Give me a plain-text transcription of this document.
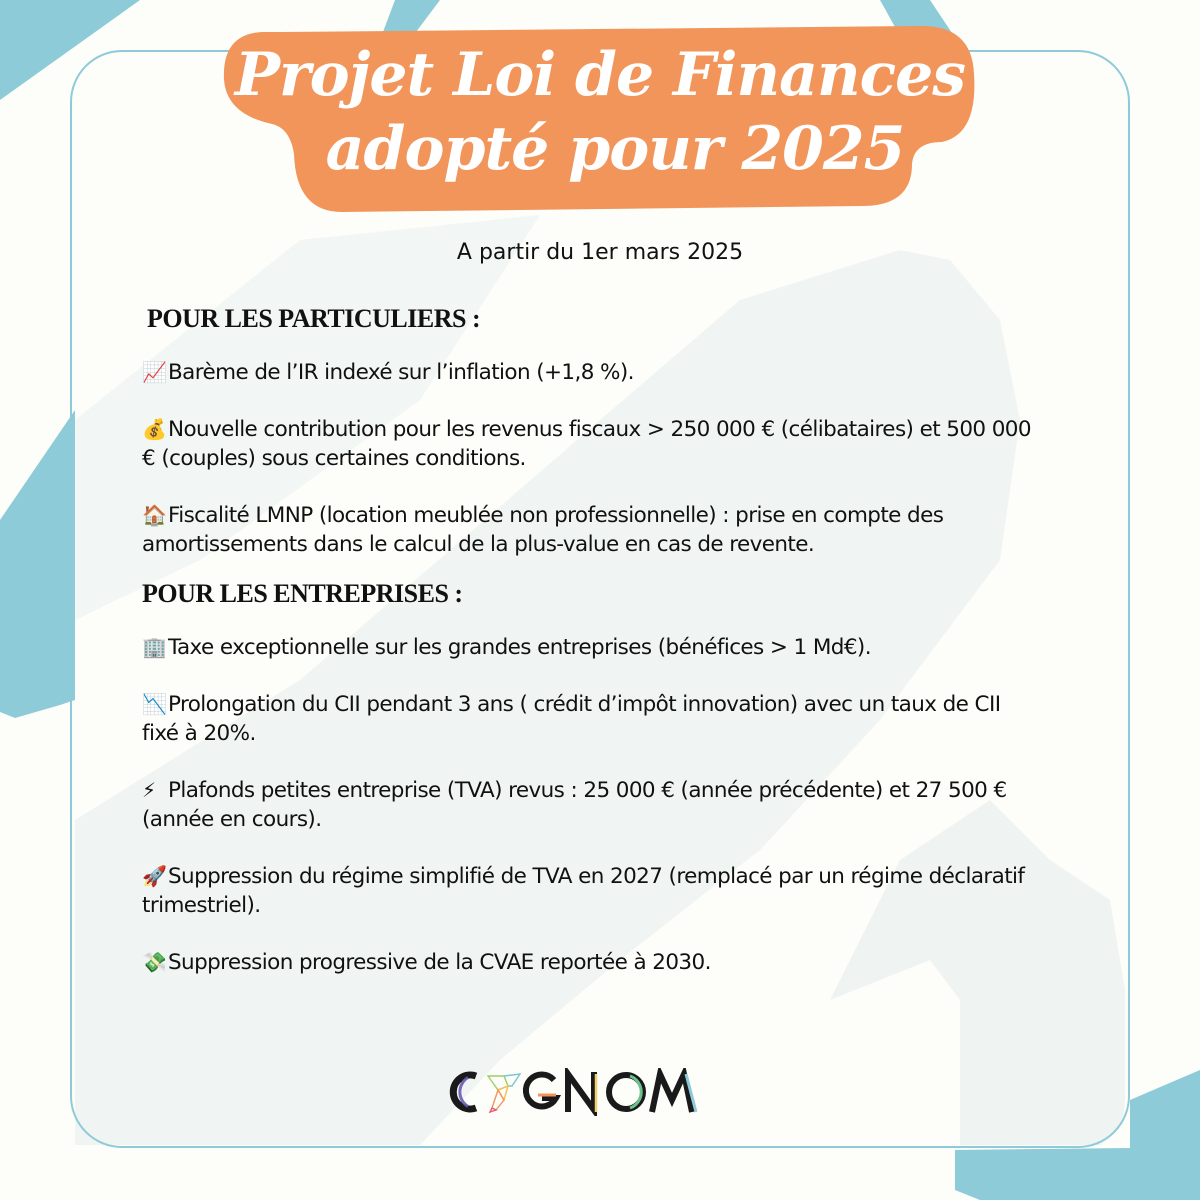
Projet Loi de Finances
adopté pour 2025
A partir du 1er mars 2025
POUR LES PARTICULIERS :
📈Barème de l’IR indexé sur l’inflation (+1,8 %).
💰Nouvelle contribution pour les revenus fiscaux > 250 000 € (célibataires) et 500 000 € (couples) sous certaines conditions.
🏠Fiscalité LMNP (location meublée non professionnelle) : prise en compte des amortissements dans le calcul de la plus-value en cas de revente.
POUR LES ENTREPRISES :
🏢Taxe exceptionnelle sur les grandes entreprises (bénéfices > 1 Md€).
📉Prolongation du CII pendant 3 ans ( crédit d’impôt innovation) avec un taux de CII fixé à 20%.
⚡ Plafonds petites entreprise (TVA) revus : 25 000 € (année précédente) et 27 500 € (année en cours).
🚀Suppression du régime simplifié de TVA en 2027 (remplacé par un régime déclaratif trimestriel).
💸Suppression progressive de la CVAE reportée à 2030.
